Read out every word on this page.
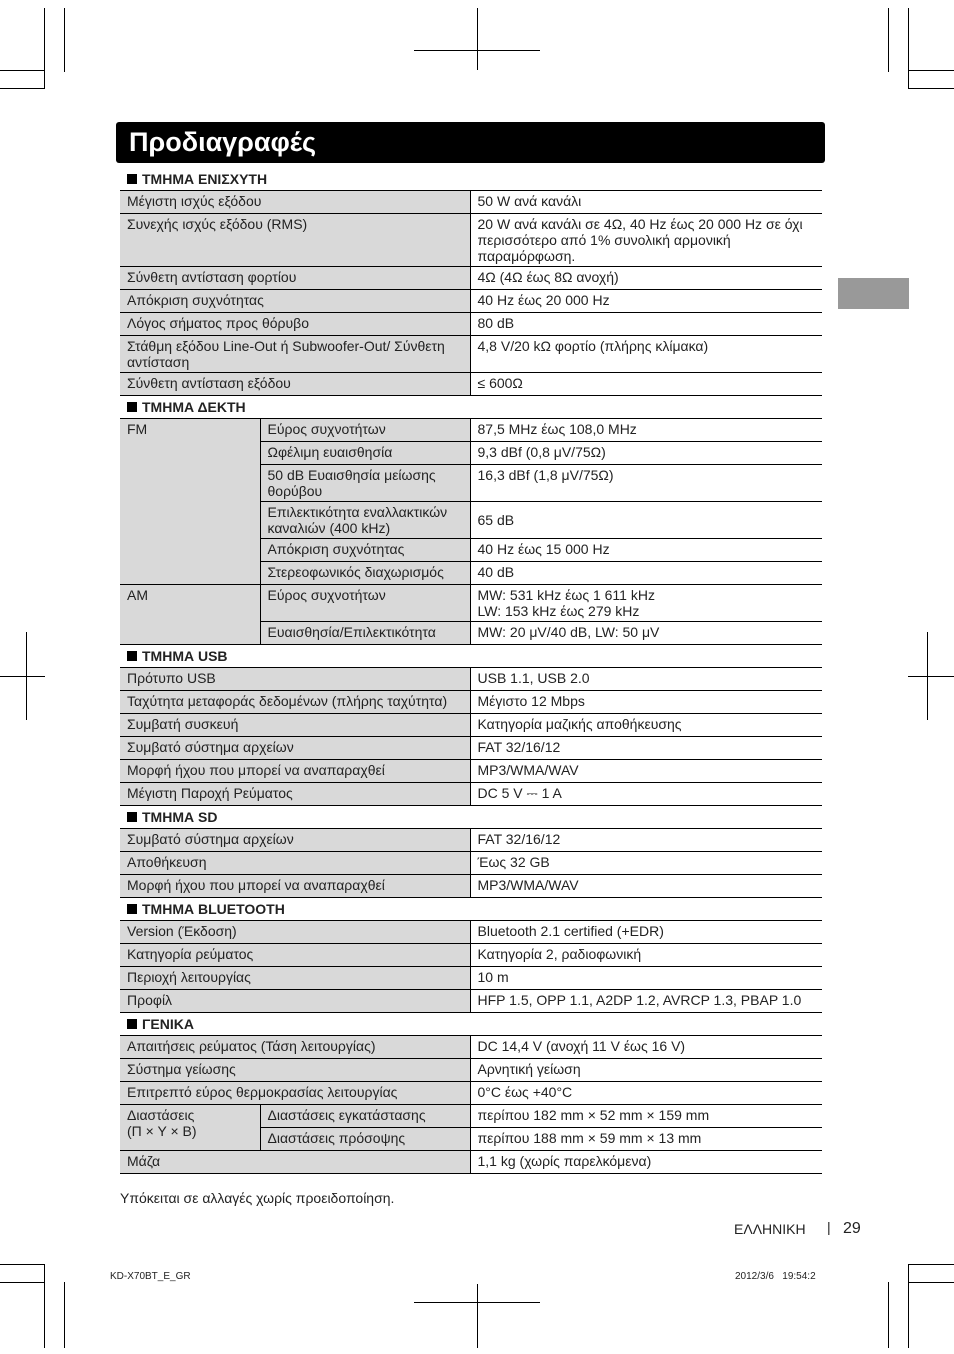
Προδιαγραφές
ΤΜΗΜΑ ΕΝΙΣΧΥΤΗ		
Μέγιστη ισχύς εξόδου		50 W ανά κανάλι
Συνεχής ισχύς εξόδου (RMS)		20 W ανά κανάλι σε 4Ω, 40 Hz έως 20 000 Hz σε όχι περισσότερο από 1% συνολική αρμονική παραμόρφωση.
Σύνθετη αντίσταση φορτίου		4Ω (4Ω έως 8Ω ανοχή)
Απόκριση συχνότητας		40 Hz έως 20 000 Hz
Λόγος σήματος προς θόρυβο		80 dB
Στάθμη εξόδου Line-Out ή Subwoofer-Out/ Σύνθετη αντίσταση		4,8 V/20 kΩ φορτίο (πλήρης κλίμακα)
Σύνθετη αντίσταση εξόδου		≤ 600Ω
ΤΜΗΜΑ ΔΕΚΤΗ		
FM	Εύρος συχνοτήτων	87,5 MHz έως 108,0 MHz
	Ωφέλιμη ευαισθησία	9,3 dBf (0,8 μV/75Ω)
	50 dB Ευαισθησία μείωσης θορύβου	16,3 dBf (1,8 μV/75Ω)
	Επιλεκτικότητα εναλλακτικών καναλιών (400 kHz)	65 dB
	Απόκριση συχνότητας	40 Hz έως 15 000 Hz
	Στερεοφωνικός διαχωρισμός	40 dB
AM	Εύρος συχνοτήτων	MW: 531 kHz έως 1 611 kHz
LW: 153 kHz έως 279 kHz

	Ευαισθησία/Επιλεκτικότητα	MW: 20 μV/40 dB, LW: 50 μV
ΤΜΗΜΑ USB		
Πρότυπο USB		USB 1.1, USB 2.0
Ταχύτητα μεταφοράς δεδομένων (πλήρης ταχύτητα)		Μέγιστο 12 Mbps
Συμβατή συσκευή		Κατηγορία μαζικής αποθήκευσης
Συμβατό σύστημα αρχείων		FAT 32/16/12
Μορφή ήχου που μπορεί να αναπαραχθεί		MP3/WMA/WAV
Μέγιστη Παροχή Ρεύματος		DC 5 V ⎓ 1 A
ΤΜΗΜΑ SD		
Συμβατό σύστημα αρχείων		FAT 32/16/12
Αποθήκευση		Έως 32 GB
Μορφή ήχου που μπορεί να αναπαραχθεί		MP3/WMA/WAV
ΤΜΗΜΑ BLUETOOTH		
Version (Έκδοση)		Bluetooth 2.1 certified (+EDR)
Κατηγορία ρεύματος		Κατηγορία 2, ραδιοφωνική
Περιοχή λειτουργίας		10 m
Προφίλ		HFP 1.5, OPP 1.1, A2DP 1.2, AVRCP 1.3, PBAP 1.0
ΓΕΝΙΚΑ		
Απαιτήσεις ρεύματος (Τάση λειτουργίας)		DC 14,4 V (ανοχή 11 V έως 16 V)
Σύστημα γείωσης		Αρνητική γείωση
Επιτρεπτό εύρος θερμοκρασίας λειτουργίας		0°C έως +40°C

Διαστάσεις
(Π × Υ × Β)	Διαστάσεις εγκατάστασης	περίπου 182 mm × 52 mm × 159 mm
	Διαστάσεις πρόσοψης	περίπου 188 mm × 59 mm × 13 mm
Μάζα		1,1 kg (χωρίς παρελκόμενα)
Υπόκειται σε αλλαγές χωρίς προειδοποίηση.
ΕΛΛΗΝΙΚΗ | 29
KD-X70BT_E_GR	2012/3/6   19:54:2
